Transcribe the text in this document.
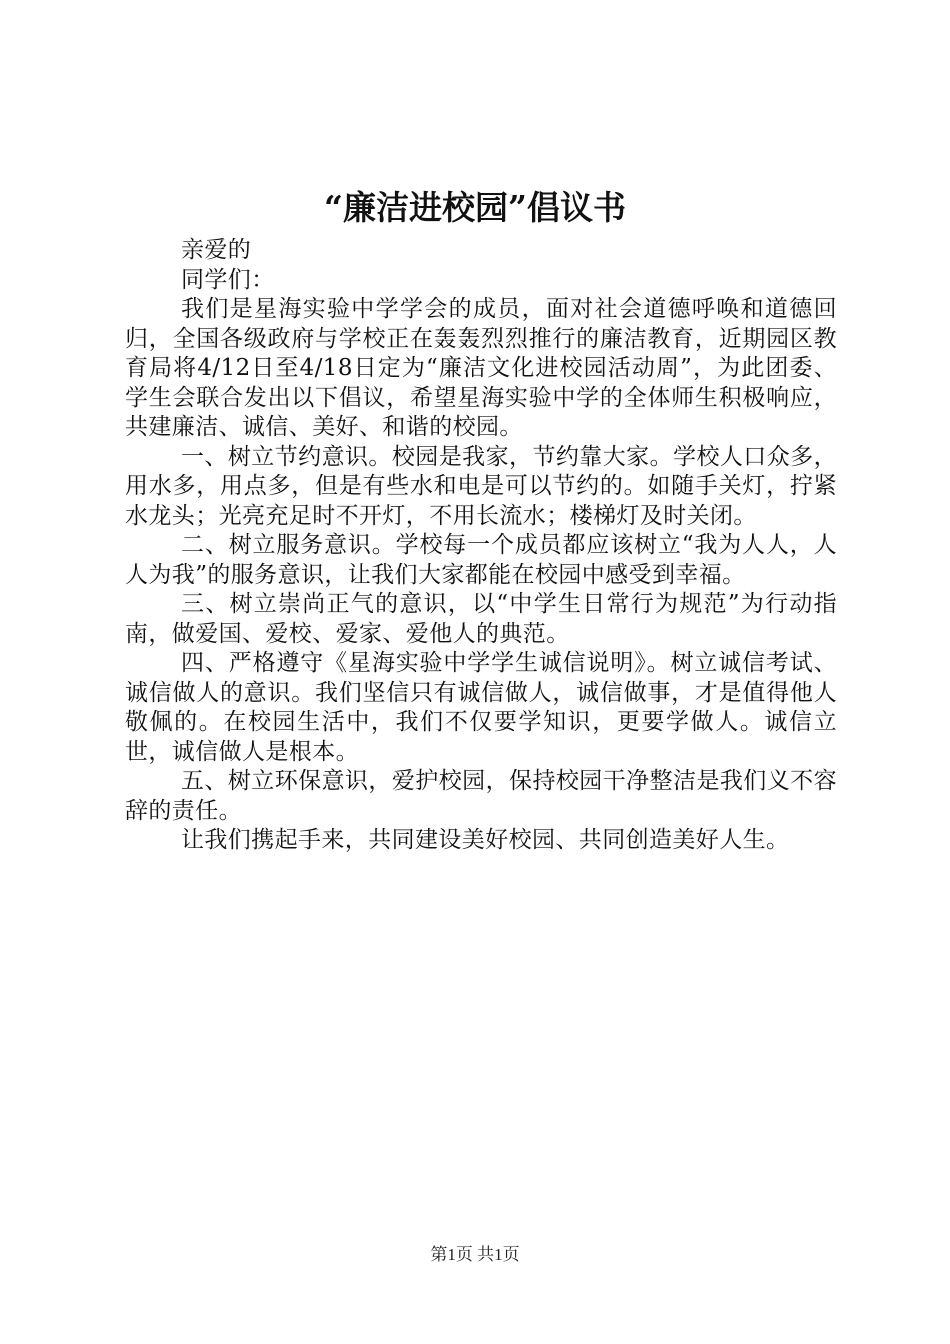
“廉洁进校园”倡议书

亲爱的

同学们：

我们是星海实验中学学会的成员，面对社会道德呼唤和道德回归，全国各级政府与学校正在轰轰烈烈推行的廉洁教育，近期园区教育局将4/12日至4/18日定为“廉洁文化进校园活动周”，为此团委、学生会联合发出以下倡议，希望星海实验中学的全体师生积极响应，共建廉洁、诚信、美好、和谐的校园。

一、树立节约意识。校园是我家，节约靠大家。学校人口众多，用水多，用点多，但是有些水和电是可以节约的。如随手关灯，拧紧水龙头；光亮充足时不开灯，不用长流水；楼梯灯及时关闭。

二、树立服务意识。学校每一个成员都应该树立“我为人人，人人为我”的服务意识，让我们大家都能在校园中感受到幸福。

三、树立崇尚正气的意识，以“中学生日常行为规范”为行动指南，做爱国、爱校、爱家、爱他人的典范。

四、严格遵守《星海实验中学学生诚信说明》。树立诚信考试、诚信做人的意识。我们坚信只有诚信做人，诚信做事，才是值得他人敬佩的。在校园生活中，我们不仅要学知识，更要学做人。诚信立世，诚信做人是根本。

五、树立环保意识，爱护校园，保持校园干净整洁是我们义不容辞的责任。

让我们携起手来，共同建设美好校园、共同创造美好人生。

第1页 共1页
